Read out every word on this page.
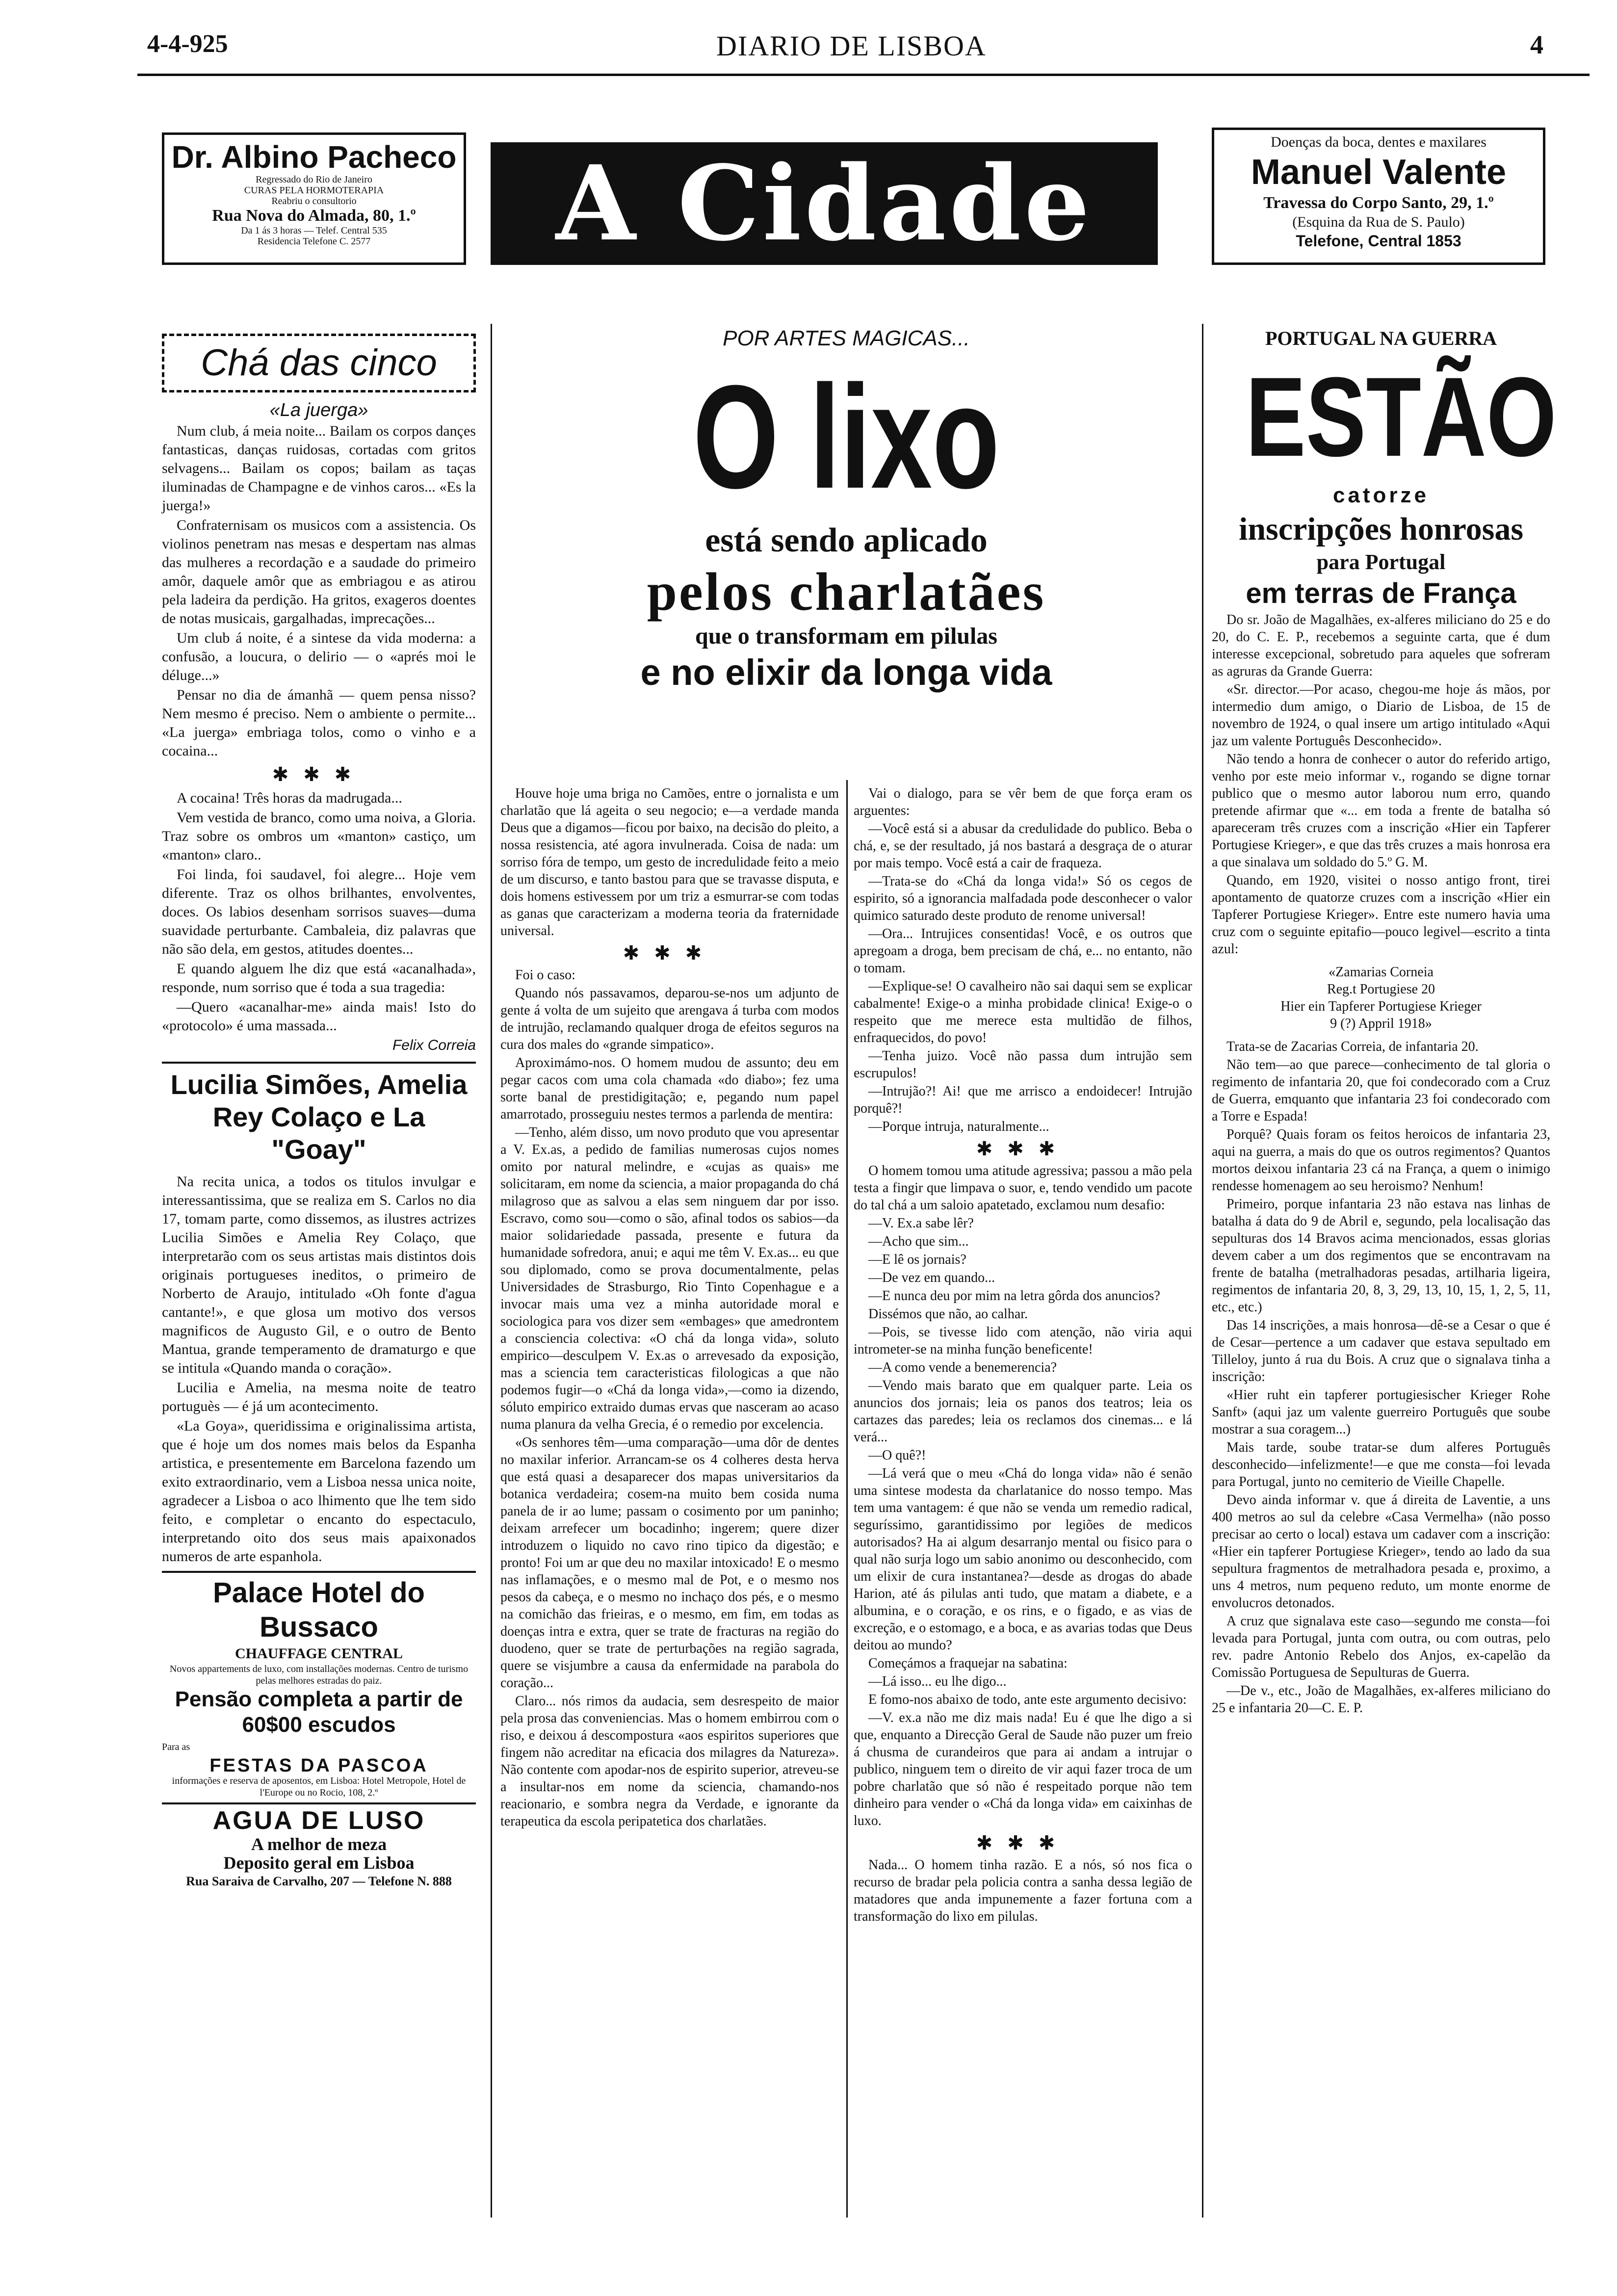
4-4-925	DIARIO DE LISBOA	4
Dr. Albino Pacheco
Regressado do Rio de Janeiro
CURAS PELA HORMOTERAPIA
Reabriu o consultorio
Rua Nova do Almada, 80, 1.º
Da 1 ás 3 horas — Telef. Central 535
Residencia Telefone C. 2577	A Cidade
Doenças da boca, dentes e maxilares
Manuel Valente
Travessa do Corpo Santo, 29, 1.º
(Esquina da Rua de S. Paulo)
Telefone, Central 1853
Chá das cinco
«La juerga»

Num club, á meia noite... Bailam os corpos dançes fantasticas, danças ruidosas, cortadas com gritos selvagens... Bailam os copos; bailam as taças iluminadas de Champagne e de vinhos caros... «Es la juerga!»

Confraternisam os musicos com a assistencia. Os violinos penetram nas mesas e despertam nas almas das mulheres a recordação e a saudade do primeiro amôr, daquele amôr que as embriagou e as atirou pela ladeira da perdição. Ha gritos, exageros doentes de notas musicais, gargalhadas, imprecações...

Um club á noite, é a sintese da vida moderna: a confusão, a loucura, o delirio — o «aprés moi le déluge...»

Pensar no dia de ámanhã — quem pensa nisso? Nem mesmo é preciso. Nem o ambiente o permite... «La juerga» embriaga tolos, como o vinho e a cocaina...

✱✱✱

A cocaina! Três horas da madrugada...

Vem vestida de branco, como uma noiva, a Gloria. Traz sobre os ombros um «manton» castiço, um «manton» claro..

Foi linda, foi saudavel, foi alegre... Hoje vem diferente. Traz os olhos brilhantes, envolventes, doces. Os labios desenham sorrisos suaves—duma suavidade perturbante. Cambaleia, diz palavras que não são dela, em gestos, atitudes doentes...

E quando alguem lhe diz que está «acanalhada», responde, num sorriso que é toda a sua tragedia:

—Quero «acanalhar-me» ainda mais! Isto do «protocolo» é uma massada...

Felix Correia
Lucilia Simões, Amelia Rey Colaço e La "Goay"

Na recita unica, a todos os titulos invulgar e interessantissima, que se realiza em S. Carlos no dia 17, tomam parte, como dissemos, as ilustres actrizes Lucilia Simões e Amelia Rey Colaço, que interpretarão com os seus artistas mais distintos dois originais portugueses ineditos, o primeiro de Norberto de Araujo, intitulado «Oh fonte d'agua cantante!», e que glosa um motivo dos versos magnificos de Augusto Gil, e o outro de Bento Mantua, grande temperamento de dramaturgo e que se intitula «Quando manda o coração».

Lucilia e Amelia, na mesma noite de teatro portuguès — é já um acontecimento.

«La Goya», queridissima e originalissima artista, que é hoje um dos nomes mais belos da Espanha artistica, e presentemente em Barcelona fazendo um exito extraordinario, vem a Lisboa nessa unica noite, agradecer a Lisboa o aco lhimento que lhe tem sido feito, e completar o encanto do espectaculo, interpretando oito dos seus mais apaixonados numeros de arte espanhola.

Palace Hotel do Bussaco
CHAUFFAGE CENTRAL
Novos appartements de luxo, com installações modernas. Centro de turismo pelas melhores estradas do paiz.
Pensão completa a partir de 60$00 escudos
Para as
FESTAS DA PASCOA
informações e reserva de aposentos, em Lisboa: Hotel Metropole, Hotel de l'Europe ou no Rocio, 108, 2.º
AGUA DE LUSO
A melhor de meza
Deposito geral em Lisboa
Rua Saraiva de Carvalho, 207 — Telefone N. 888
POR ARTES MAGICAS...
O lixo
está sendo aplicado
pelos charlatães
que o transformam em pilulas
e no elixir da longa vida

Houve hoje uma briga no Camões, entre o jornalista e um charlatão que lá ageita o seu negocio; e—a verdade manda Deus que a digamos—ficou por baixo, na decisão do pleito, a nossa resistencia, até agora invulnerada. Coisa de nada: um sorriso fóra de tempo, um gesto de incredulidade feito a meio de um discurso, e tanto bastou para que se travasse disputa, e dois homens estivessem por um triz a esmurrar-se com todas as ganas que caracterizam a moderna teoria da fraternidade universal.

✱✱✱

Foi o caso:

Quando nós passavamos, deparou-se-nos um adjunto de gente á volta de um sujeito que arengava á turba com modos de intrujão, reclamando qualquer droga de efeitos seguros na cura dos males do «grande simpatico».

Aproximámo-nos. O homem mudou de assunto; deu em pegar cacos com uma cola chamada «do diabo»; fez uma sorte banal de prestidigitação; e, pegando num papel amarrotado, prosseguiu nestes termos a parlenda de mentira:

—Tenho, além disso, um novo produto que vou apresentar a V. Ex.as, a pedido de familias numerosas cujos nomes omito por natural melindre, e «cujas as quais» me solicitaram, em nome da sciencia, a maior propaganda do chá milagroso que as salvou a elas sem ninguem dar por isso. Escravo, como sou—como o são, afinal todos os sabios—da maior solidariedade passada, presente e futura da humanidade sofredora, anui; e aqui me têm V. Ex.as... eu que sou diplomado, como se prova documentalmente, pelas Universidades de Strasburgo, Rio Tinto Copenhague e a invocar mais uma vez a minha autoridade moral e sociologica para vos dizer sem «embages» que amedrontem a consciencia colectiva: «O chá da longa vida», soluto empirico—desculpem V. Ex.as o arrevesado da exposição, mas a sciencia tem caracteristicas filologicas a que não podemos fugir—o «Chá da longa vida»,—como ia dizendo, sóluto empirico extraido dumas ervas que nasceram ao acaso numa planura da velha Grecia, é o remedio por excelencia.

«Os senhores têm—uma comparação—uma dôr de dentes no maxilar inferior. Arrancam-se os 4 colheres desta herva que está quasi a desaparecer dos mapas universitarios da botanica verdadeira; cosem-na muito bem cosida numa panela de ir ao lume; passam o cosimento por um paninho; deixam arrefecer um bocadinho; ingerem; quere dizer introduzem o liquido no cavo rino tipico da digestão; e pronto! Foi um ar que deu no maxilar intoxicado! E o mesmo nas inflamações, e o mesmo mal de Pot, e o mesmo nos pesos da cabeça, e o mesmo no inchaço dos pés, e o mesmo na comichão das frieiras, e o mesmo, em fim, em todas as doenças intra e extra, quer se trate de fracturas na região do duodeno, quer se trate de perturbações na região sagrada, quere se visjumbre a causa da enfermidade na parabola do coração...

Claro... nós rimos da audacia, sem desrespeito de maior pela prosa das conveniencias. Mas o homem embirrou com o riso, e deixou á descompostura «aos espiritos superiores que fingem não acreditar na eficacia dos milagres da Natureza». Não contente com apodar-nos de espirito superior, atreveu-se a insultar-nos em nome da sciencia, chamando-nos reacionario, e sombra negra da Verdade, e ignorante da terapeutica da escola peripatetica dos charlatães.

Vai o dialogo, para se vêr bem de que força eram os arguentes:

—Você está si a abusar da credulidade do publico. Beba o chá, e, se der resultado, já nos bastará a desgraça de o aturar por mais tempo. Você está a cair de fraqueza.

—Trata-se do «Chá da longa vida!» Só os cegos de espirito, só a ignorancia malfadada pode desconhecer o valor quimico saturado deste produto de renome universal!

—Ora... Intrujices consentidas! Você, e os outros que apregoam a droga, bem precisam de chá, e... no entanto, não o tomam.

—Explique-se! O cavalheiro não sai daqui sem se explicar cabalmente! Exige-o a minha probidade clinica! Exige-o o respeito que me merece esta multidão de filhos, enfraquecidos, do povo!

—Tenha juizo. Você não passa dum intrujão sem escrupulos!

—Intrujão?! Ai! que me arrisco a endoidecer! Intrujão porquê?!

—Porque intruja, naturalmente...

✱✱✱

O homem tomou uma atitude agressiva; passou a mão pela testa a fingir que limpava o suor, e, tendo vendido um pacote do tal chá a um saloio apatetado, exclamou num desafio:

—V. Ex.a sabe lêr?

—Acho que sim...

—E lê os jornais?

—De vez em quando...

—E nunca deu por mim na letra gôrda dos anuncios?

Dissémos que não, ao calhar.

—Pois, se tivesse lido com atenção, não viria aqui intrometer-se na minha função beneficente!

—A como vende a benemerencia?

—Vendo mais barato que em qualquer parte. Leia os anuncios dos jornais; leia os panos dos teatros; leia os cartazes das paredes; leia os reclamos dos cinemas... e lá verá...

—O quê?!

—Lá verá que o meu «Chá do longa vida» não é senão uma sintese modesta da charlatanice do nosso tempo. Mas tem uma vantagem: é que não se venda um remedio radical, seguríssimo, garantidissimo por legiões de medicos autorisados? Ha ai algum desarranjo mental ou fisico para o qual não surja logo um sabio anonimo ou desconhecido, com um elixir de cura instantanea?—desde as drogas do abade Harion, até ás pilulas anti tudo, que matam a diabete, e a albumina, e o coração, e os rins, e o figado, e as vias de excreção, e o estomago, e a boca, e as avarias todas que Deus deitou ao mundo?

Começámos a fraquejar na sabatina:

—Lá isso... eu lhe digo...

E fomo-nos abaixo de todo, ante este argumento decisivo:

—V. ex.a não me diz mais nada! Eu é que lhe digo a si que, enquanto a Direcção Geral de Saude não puzer um freio á chusma de curandeiros que para ai andam a intrujar o publico, ninguem tem o direito de vir aqui fazer troca de um pobre charlatão que só não é respeitado porque não tem dinheiro para vender o «Chá da longa vida» em caixinhas de luxo.

✱✱✱

Nada... O homem tinha razão. E a nós, só nos fica o recurso de bradar pela policia contra a sanha dessa legião de matadores que anda impunemente a fazer fortuna com a transformação do lixo em pilulas.

PORTUGAL NA GUERRA
ESTÃO
catorze
inscripções honrosas
para Portugal
em terras de França

Do sr. João de Magalhães, ex-alferes miliciano do 25 e do 20, do C. E. P., recebemos a seguinte carta, que é dum interesse excepcional, sobretudo para aqueles que sofreram as agruras da Grande Guerra:

«Sr. director.—Por acaso, chegou-me hoje ás mãos, por intermedio dum amigo, o Diario de Lisboa, de 15 de novembro de 1924, o qual insere um artigo intitulado «Aqui jaz um valente Português Desconhecido».

Não tendo a honra de conhecer o autor do referido artigo, venho por este meio informar v., rogando se digne tornar publico que o mesmo autor laborou num erro, quando pretende afirmar que «... em toda a frente de batalha só apareceram três cruzes com a inscrição «Hier ein Tapferer Portugiese Krieger», e que das três cruzes a mais honrosa era a que sinalava um soldado do 5.º G. M.

Quando, em 1920, visitei o nosso antigo front, tirei apontamento de quatorze cruzes com a inscrição «Hier ein Tapferer Portugiese Krieger». Entre este numero havia uma cruz com o seguinte epitafio—pouco legivel—escrito a tinta azul:

«Zamarias Corneia
Reg.t Portugiese 20
Hier ein Tapferer Portugiese Krieger
9 (?) Appril 1918»

Trata-se de Zacarias Correia, de infantaria 20.

Não tem—ao que parece—conhecimento de tal gloria o regimento de infantaria 20, que foi condecorado com a Cruz de Guerra, emquanto que infantaria 23 foi condecorado com a Torre e Espada!

Porquê? Quais foram os feitos heroicos de infantaria 23, aqui na guerra, a mais do que os outros regimentos? Quantos mortos deixou infantaria 23 cá na França, a quem o inimigo rendesse homenagem ao seu heroismo? Nenhum!

Primeiro, porque infantaria 23 não estava nas linhas de batalha á data do 9 de Abril e, segundo, pela localisação das sepulturas dos 14 Bravos acima mencionados, essas glorias devem caber a um dos regimentos que se encontravam na frente de batalha (metralhadoras pesadas, artilharia ligeira, regimentos de infantaria 20, 8, 3, 29, 13, 10, 15, 1, 2, 5, 11, etc., etc.)

Das 14 inscrições, a mais honrosa—dê-se a Cesar o que é de Cesar—pertence a um cadaver que estava sepultado em Tilleloy, junto á rua du Bois. A cruz que o signalava tinha a inscrição:

«Hier ruht ein tapferer portugiesischer Krieger Rohe Sanft» (aqui jaz um valente guerreiro Português que soube mostrar a sua coragem...)

Mais tarde, soube tratar-se dum alferes Português desconhecido—infelizmente!—e que me consta—foi levada para Portugal, junto no cemiterio de Vieille Chapelle.

Devo ainda informar v. que á direita de Laventie, a uns 400 metros ao sul da celebre «Casa Vermelha» (não posso precisar ao certo o local) estava um cadaver com a inscrição: «Hier ein tapferer Portugiese Krieger», tendo ao lado da sua sepultura fragmentos de metralhadora pesada e, proximo, a uns 4 metros, num pequeno reduto, um monte enorme de envolucros detonados.

A cruz que signalava este caso—segundo me consta—foi levada para Portugal, junta com outra, ou com outras, pelo rev. padre Antonio Rebelo dos Anjos, ex-capelão da Comissão Portuguesa de Sepulturas de Guerra.

—De v., etc., João de Magalhães, ex-alferes miliciano do 25 e infantaria 20—C. E. P.
